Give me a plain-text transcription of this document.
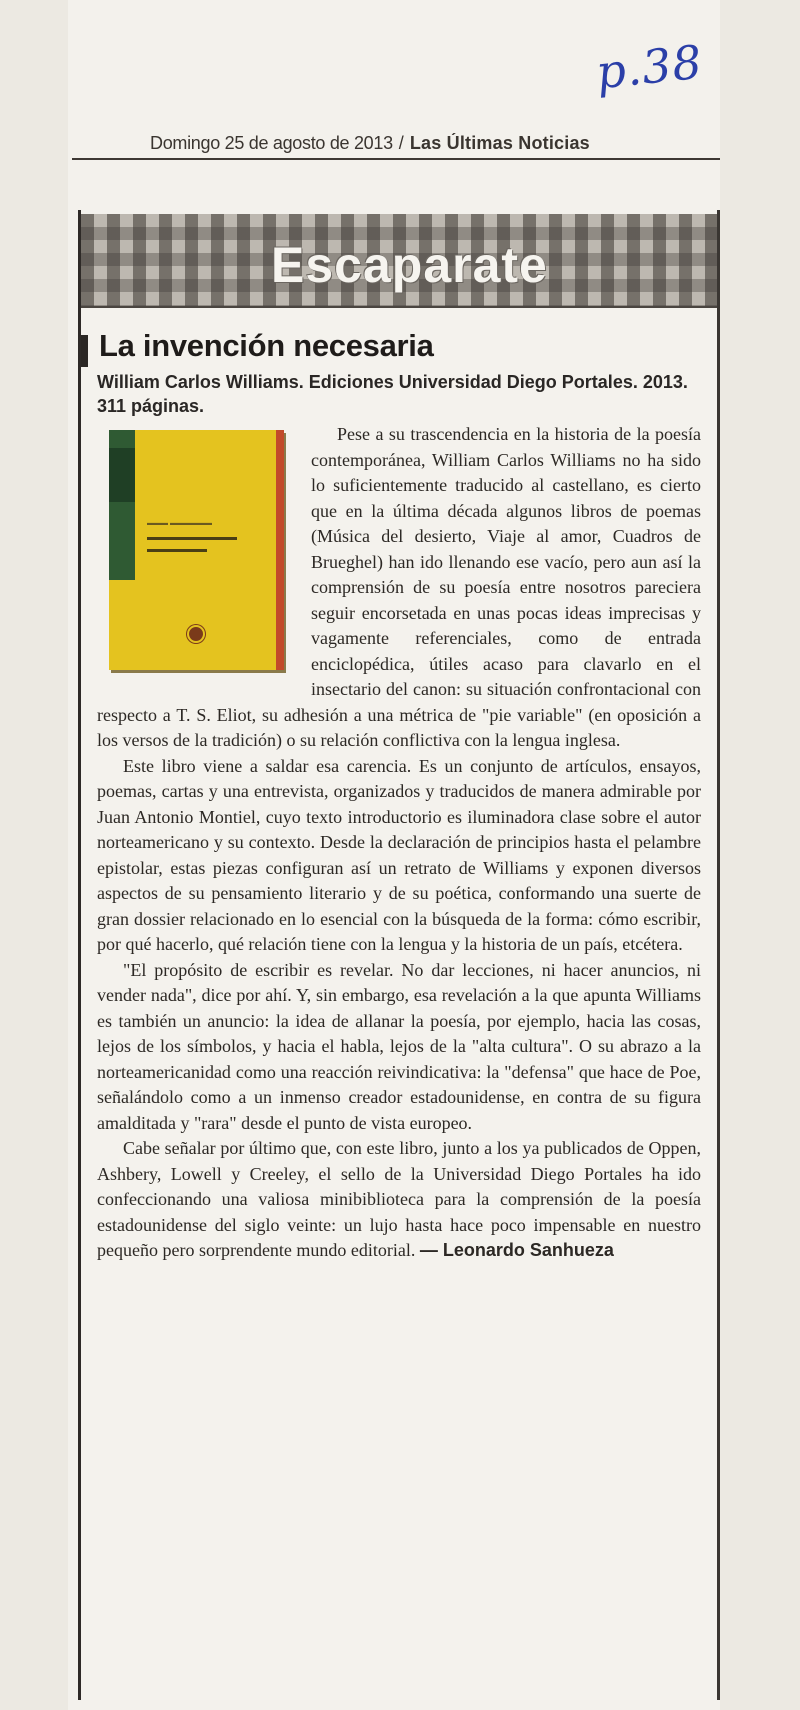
p.38
Domingo 25 de agosto de 2013 / Las Últimas Noticias
Escaparate
La invención necesaria

William Carlos Williams. Ediciones Universidad Diego Portales. 2013. 311 páginas.

▬▬▬ ▬▬▬▬▬▬
▬▬▬▬▬▬▬▬▬
▬▬▬▬▬▬

Pese a su trascendencia en la historia de la poesía contemporánea, William Carlos Williams no ha sido lo suficientemente traducido al castellano, es cierto que en la última década algunos libros de poemas (Música del desierto, Viaje al amor, Cuadros de Brueghel) han ido llenando ese vacío, pero aun así la comprensión de su poesía entre nosotros pareciera seguir encorsetada en unas pocas ideas imprecisas y vagamente referenciales, como de entrada enciclopédica, útiles acaso para clavarlo en el insectario del canon: su situación confrontacional con respecto a T. S. Eliot, su adhesión a una métrica de "pie variable" (en oposición a los versos de la tradición) o su relación conflictiva con la lengua inglesa.

Este libro viene a saldar esa carencia. Es un conjunto de artículos, ensayos, poemas, cartas y una entrevista, organizados y traducidos de manera admirable por Juan Antonio Montiel, cuyo texto introductorio es iluminadora clase sobre el autor norteamericano y su contexto. Desde la declaración de principios hasta el pelambre epistolar, estas piezas configuran así un retrato de Williams y exponen diversos aspectos de su pensamiento literario y de su poética, conformando una suerte de gran dossier relacionado en lo esencial con la búsqueda de la forma: cómo escribir, por qué hacerlo, qué relación tiene con la lengua y la historia de un país, etcétera.

"El propósito de escribir es revelar. No dar lecciones, ni hacer anuncios, ni vender nada", dice por ahí. Y, sin embargo, esa revelación a la que apunta Williams es también un anuncio: la idea de allanar la poesía, por ejemplo, hacia las cosas, lejos de los símbolos, y hacia el habla, lejos de la "alta cultura". O su abrazo a la norteamericanidad como una reacción reivindicativa: la "defensa" que hace de Poe, señalándolo como a un inmenso creador estadounidense, en contra de su figura amalditada y "rara" desde el punto de vista europeo.

Cabe señalar por último que, con este libro, junto a los ya publicados de Oppen, Ashbery, Lowell y Creeley, el sello de la Universidad Diego Portales ha ido confeccionando una valiosa minibiblioteca para la comprensión de la poesía estadounidense del siglo veinte: un lujo hasta hace poco impensable en nuestro pequeño pero sorprendente mundo editorial. — Leonardo Sanhueza
